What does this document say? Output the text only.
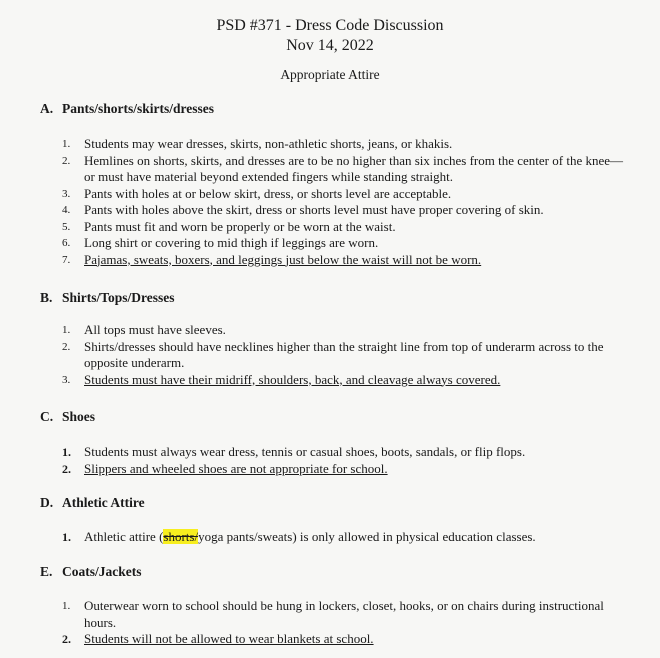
PSD #371 - Dress Code Discussion
Nov 14, 2022
Appropriate Attire
A. Pants/shorts/skirts/dresses
1. Students may wear dresses, skirts, non-athletic shorts, jeans, or khakis.
2. Hemlines on shorts, skirts, and dresses are to be no higher than six inches from the center of the knee—or must have material beyond extended fingers while standing straight.
3. Pants with holes at or below skirt, dress, or shorts level are acceptable.
4. Pants with holes above the skirt, dress or shorts level must have proper covering of skin.
5. Pants must fit and worn be properly or be worn at the waist.
6. Long shirt or covering to mid thigh if leggings are worn.
7. Pajamas, sweats, boxers, and leggings just below the waist will not be worn.
B. Shirts/Tops/Dresses
1. All tops must have sleeves.
2. Shirts/dresses should have necklines higher than the straight line from top of underarm across to the opposite underarm.
3. Students must have their midriff, shoulders, back, and cleavage always covered.
C. Shoes
1. Students must always wear dress, tennis or casual shoes, boots, sandals, or flip flops.
2. Slippers and wheeled shoes are not appropriate for school.
D. Athletic Attire
1. Athletic attire (shorts/yoga pants/sweats) is only allowed in physical education classes.
E. Coats/Jackets
1. Outerwear worn to school should be hung in lockers, closet, hooks, or on chairs during instructional hours.
2. Students will not be allowed to wear blankets at school.
